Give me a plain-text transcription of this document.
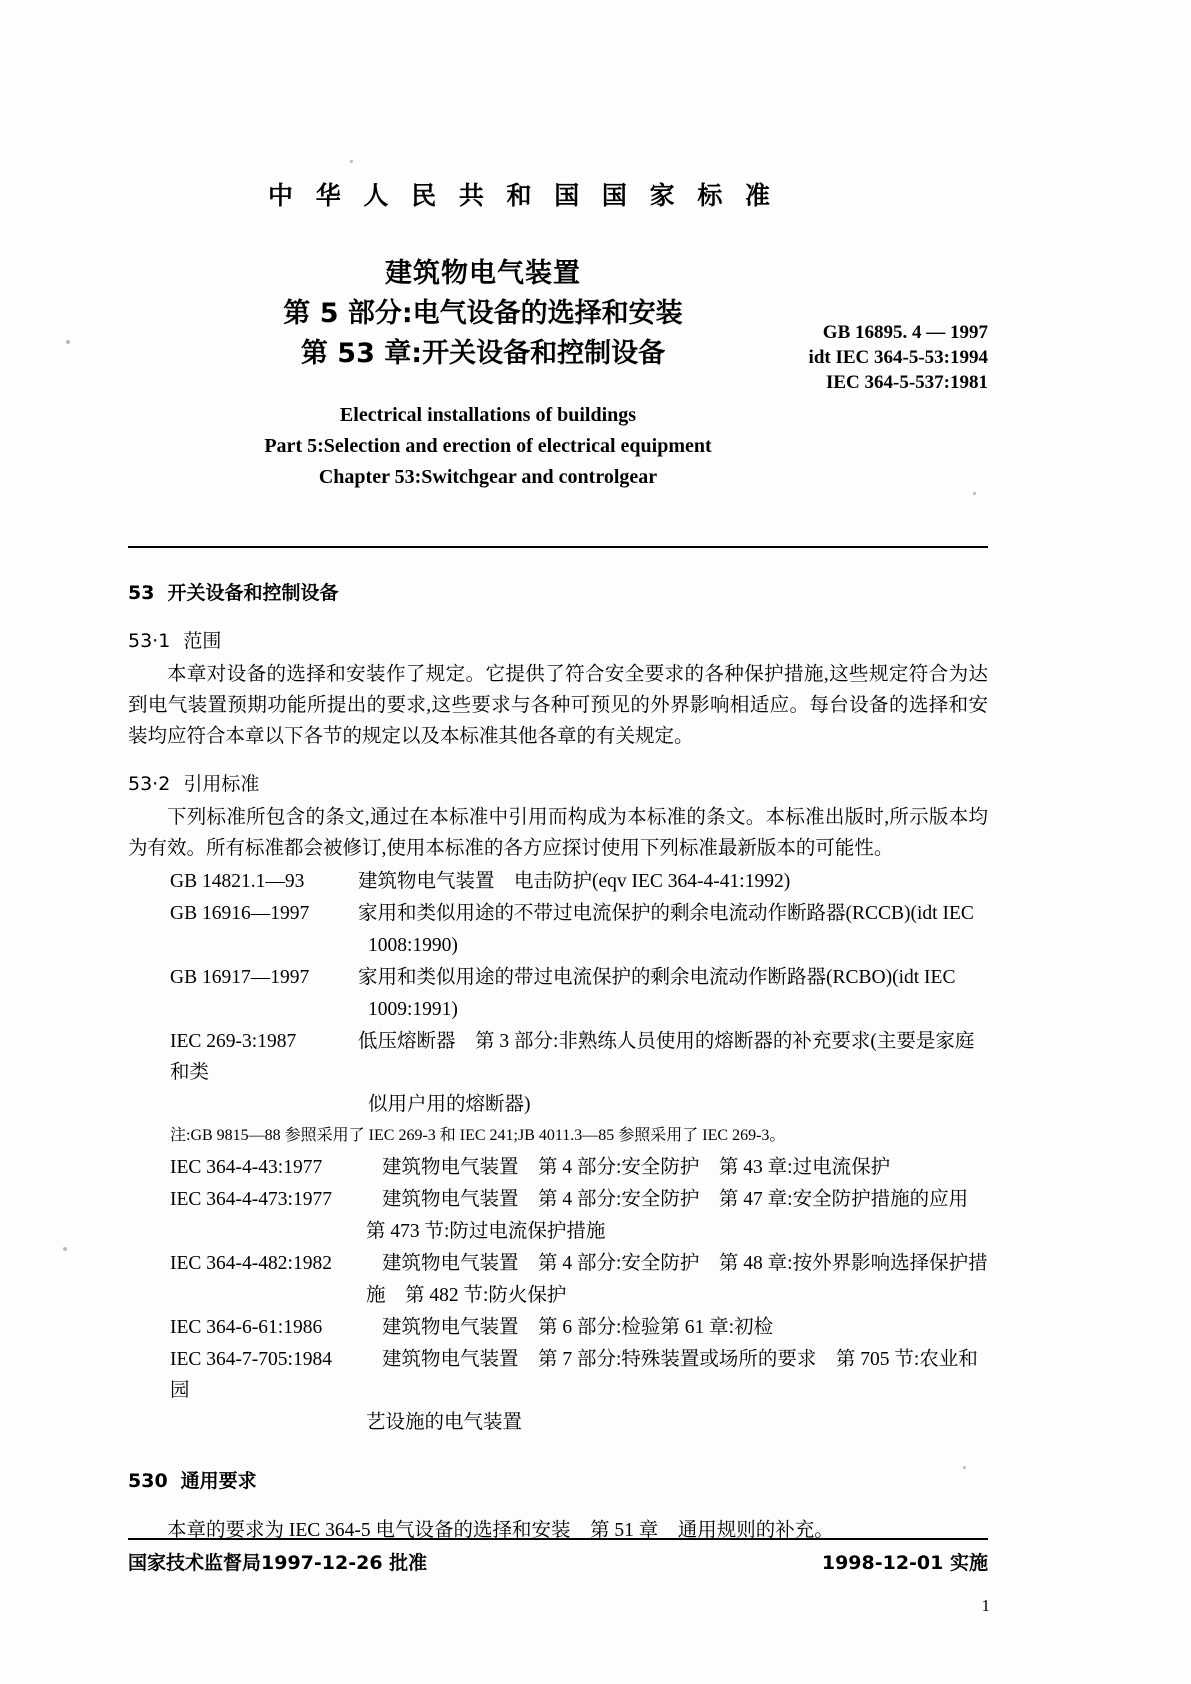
中 华 人 民 共 和 国 国 家 标 准
建筑物电气装置
第 5 部分:电气设备的选择和安装
第 53 章:开关设备和控制设备
GB 16895. 4 — 1997
idt IEC 364-5-53:1994
IEC 364-5-537:1981
Electrical installations of buildings
Part 5:Selection and erection of electrical equipment
Chapter 53:Switchgear and controlgear
53 开关设备和控制设备
53·1 范围

本章对设备的选择和安装作了规定。它提供了符合安全要求的各种保护措施,这些规定符合为达到电气装置预期功能所提出的要求,这些要求与各种可预见的外界影响相适应。每台设备的选择和安装均应符合本章以下各节的规定以及本标准其他各章的有关规定。

53·2 引用标准

下列标准所包含的条文,通过在本标准中引用而构成为本标准的条文。本标准出版时,所示版本均为有效。所有标准都会被修订,使用本标准的各方应探讨使用下列标准最新版本的可能性。

GB 14821.1—93	建筑物电气装置　电击防护(eqv IEC 364-4-41:1992)
GB 16916—1997	家用和类似用途的不带过电流保护的剩余电流动作断路器(RCCB)(idt IEC
1008:1990)
GB 16917—1997	家用和类似用途的带过电流保护的剩余电流动作断路器(RCBO)(idt IEC
1009:1991)
IEC 269-3:1987	低压熔断器　第 3 部分:非熟练人员使用的熔断器的补充要求(主要是家庭和类
似用户用的熔断器)
注:GB 9815—88 参照采用了 IEC 269-3 和 IEC 241;JB 4011.3—85 参照采用了 IEC 269-3。
IEC 364-4-43:1977	建筑物电气装置　第 4 部分:安全防护　第 43 章:过电流保护
IEC 364-4-473:1977	建筑物电气装置　第 4 部分:安全防护　第 47 章:安全防护措施的应用
第 473 节:防过电流保护措施
IEC 364-4-482:1982	建筑物电气装置　第 4 部分:安全防护　第 48 章:按外界影响选择保护措
施　第 482 节:防火保护
IEC 364-6-61:1986	建筑物电气装置　第 6 部分:检验第 61 章:初检
IEC 364-7-705:1984	建筑物电气装置　第 7 部分:特殊装置或场所的要求　第 705 节:农业和园
艺设施的电气装置
530 通用要求

本章的要求为 IEC 364-5 电气设备的选择和安装　第 51 章　通用规则的补充。

国家技术监督局1997-12-26 批准	1998-12-01 实施
1
